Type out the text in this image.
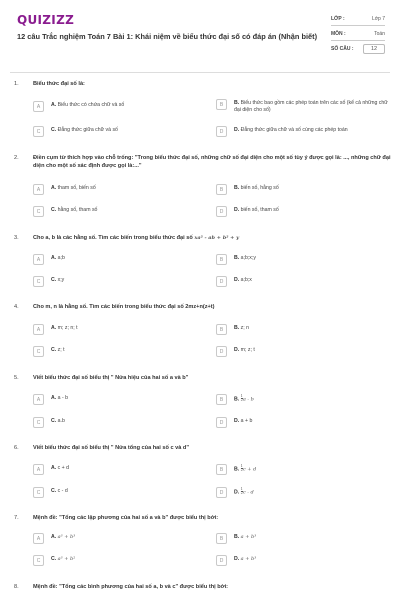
QUIZIZZ
12 câu Trắc nghiệm Toán 7 Bài 1: Khái niệm về biểu thức đại số có đáp án (Nhận biết)
LỚP :	Lớp 7
MÔN :	Toán
SỐ CÂU :	12
1.	Biểu thức đại số là:
A	A. Biểu thức có chứa chữ và số	B	B. Biểu thức bao gồm các phép toán trên các số (kể cả những chữ đại diện cho số)
C	C. Đẳng thức giữa chữ và số	D	D. Đẳng thức giữa chữ và số cùng các phép toán
2.	Điền cụm từ thích hợp vào chỗ trống: "Trong biểu thức đại số, những chữ số đại diện cho một số tùy ý được gọi là: ..., những chữ đại diện cho một số xác định được gọi là:..."
A	A. tham số, biến số	B	B. biến số, hằng số
C	C. hằng số, tham số	D	D. biến số, tham số
3.	Cho a, b là các hằng số. Tìm các biến trong biểu thức đại số xa² - ab + b² + y
A	A. a;b	B	B. a;b;x;y
C	C. x;y	D	D. a;b;x
4.	Cho m, n là hằng số. Tìm các biến trong biểu thức đại số 2mz+n(z+t)
A	A. m; z; n; t	B	B. z; n
C	C. z; t	D	D. m; z; t
5.	Viết biểu thức đại số biểu thị " Nửa hiệu của hai số a và b"
A	A. a - b	B	B. $\frac{1}{2}$ a - b
C	C. a.b	D	D. a + b
6.	Viết biểu thức đại số biểu thị " Nửa tổng của hai số c và d"
A	A. c + d	B	B. $\frac{1}{2}$ c + d
C	C. c - d	D	D. $\frac{1}{2}$ c - d
7.	Mệnh đề: "Tổng các lập phương của hai số a và b" được biểu thị bởi:
A	A. a³ + b³	B	B. a + b³
C	C. a³ + b²	D	D. a + b³
8.	Mệnh đề: "Tổng các bình phương của hai số a, b và c" được biểu thị bởi:
